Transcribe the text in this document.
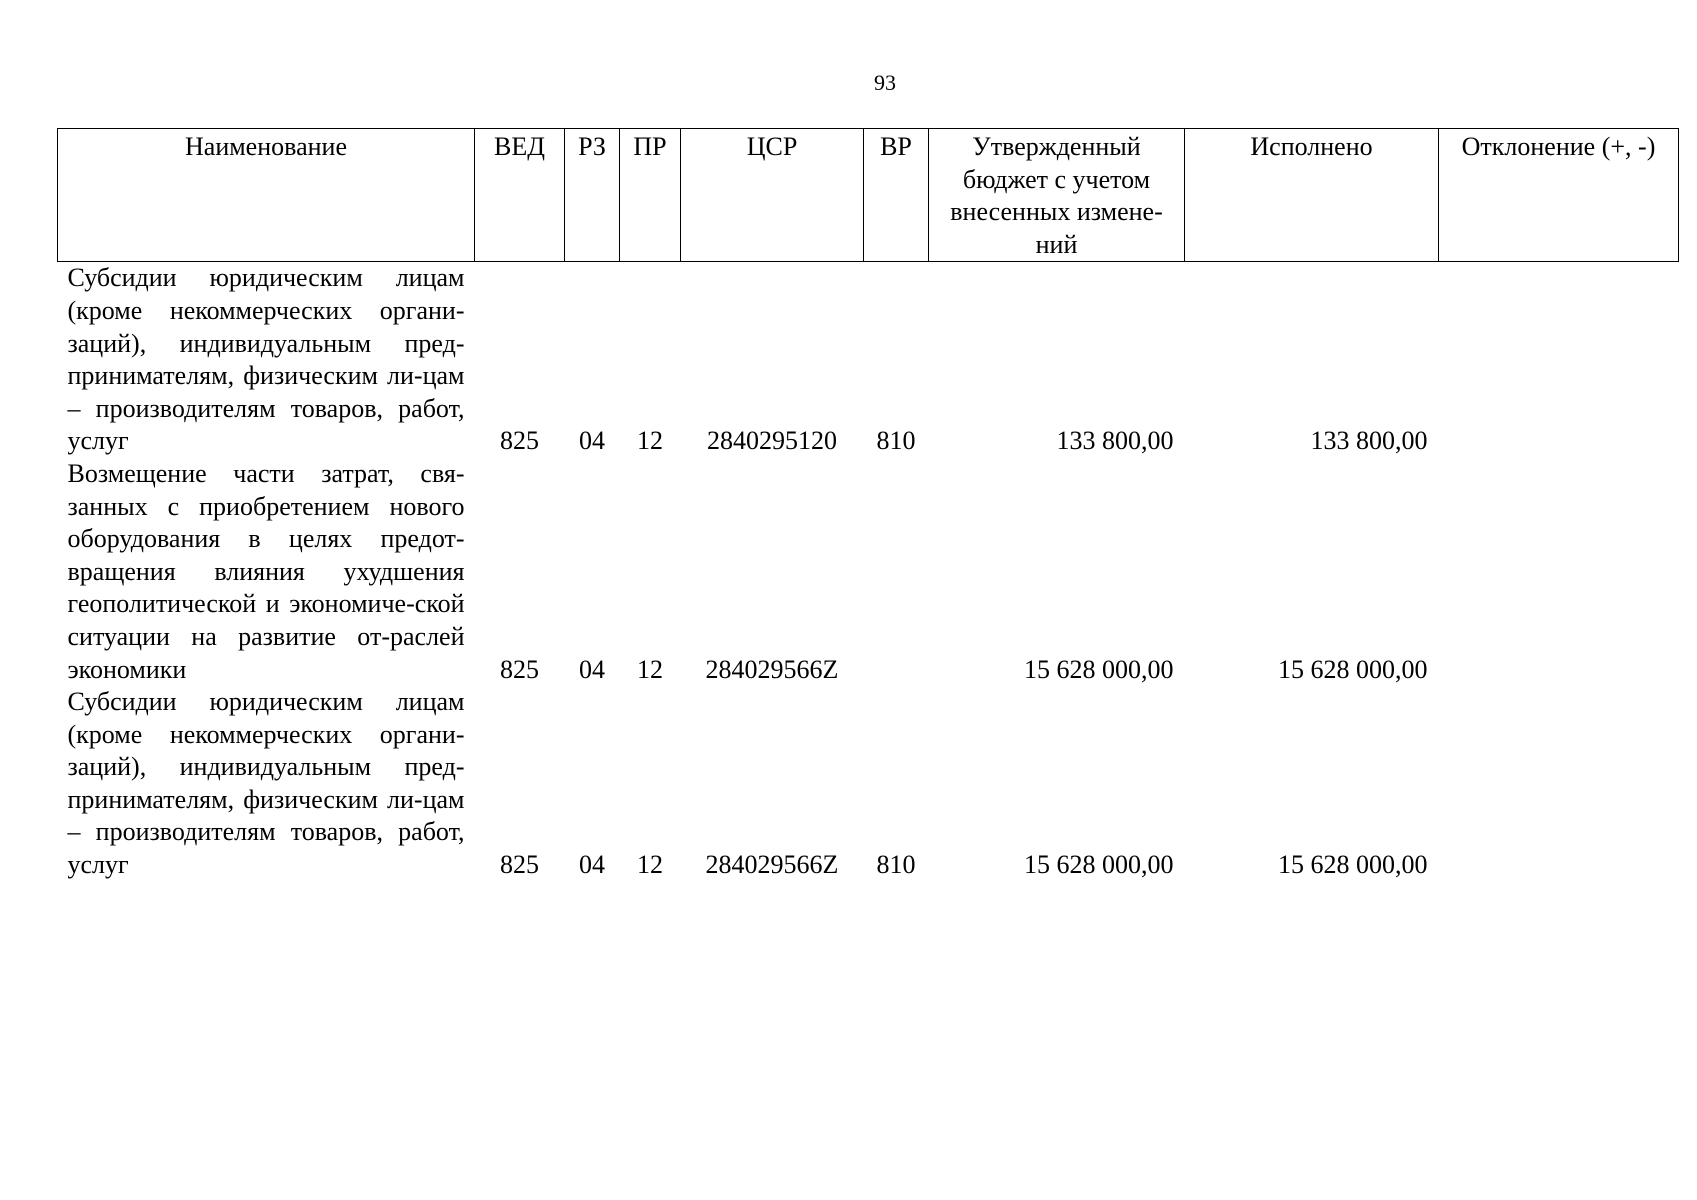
93
Наименование	ВЕД	РЗ	ПР	ЦСР	ВР	Утвержденный бюджет с учетом внесенных измене-ний	Исполнено	Отклонение (+, -)
Субсидии юридическим лицам (кроме некоммерческих органи-заций), индивидуальным пред-принимателям, физическим ли-цам – производителям товаров, работ, услуг	825	04	12	2840295120	810	133 800,00	133 800,00	
Возмещение части затрат, свя-занных с приобретением нового оборудования в целях предот-вращения влияния ухудшения геополитической и экономиче-ской ситуации на развитие от-раслей экономики	825	04	12	284029566Z		15 628 000,00	15 628 000,00	
Субсидии юридическим лицам (кроме некоммерческих органи-заций), индивидуальным пред-принимателям, физическим ли-цам – производителям товаров, работ, услуг	825	04	12	284029566Z	810	15 628 000,00	15 628 000,00	
